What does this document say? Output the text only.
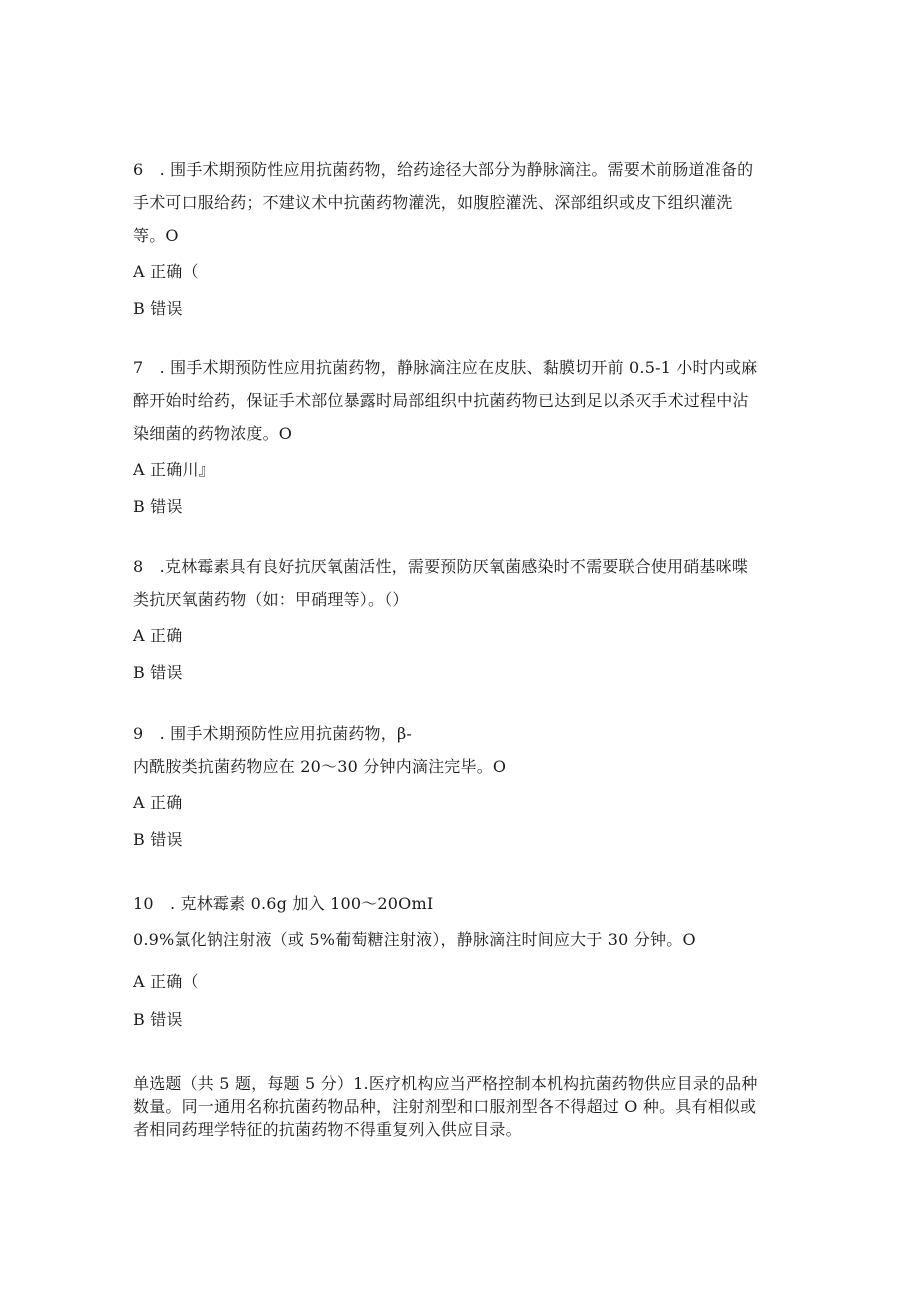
6　. 围手术期预防性应用抗菌药物，给药途径大部分为静脉滴注。需要术前肠道准备的
手术可口服给药；不建议术中抗菌药物灌洗，如腹腔灌洗、深部组织或皮下组织灌洗
等。O
A 正确（
B 错误
7　. 围手术期预防性应用抗菌药物，静脉滴注应在皮肤、黏膜切开前 0.5-1 小时内或麻
醉开始时给药，保证手术部位暴露时局部组织中抗菌药物已达到足以杀灭手术过程中沾
染细菌的药物浓度。O
A 正确川』
B 错误
8　.克林霉素具有良好抗厌氧菌活性，需要预防厌氧菌感染时不需要联合使用硝基咪喋
类抗厌氧菌药物（如：甲硝理等）。（）
A 正确
B 错误
9　. 围手术期预防性应用抗菌药物，β-
内酰胺类抗菌药物应在 20～30 分钟内滴注完毕。O
A 正确
B 错误
10　. 克林霉素 0.6g 加入 100～20OmI
0.9%氯化钠注射液（或 5%葡萄糖注射液），静脉滴注时间应大于 30 分钟。O
A 正确（
B 错误
单选题（共 5 题，每题 5 分）1.医疗机构应当严格控制本机构抗菌药物供应目录的品种
数量。同一通用名称抗菌药物品种，注射剂型和口服剂型各不得超过 O 种。具有相似或
者相同药理学特征的抗菌药物不得重复列入供应目录。
